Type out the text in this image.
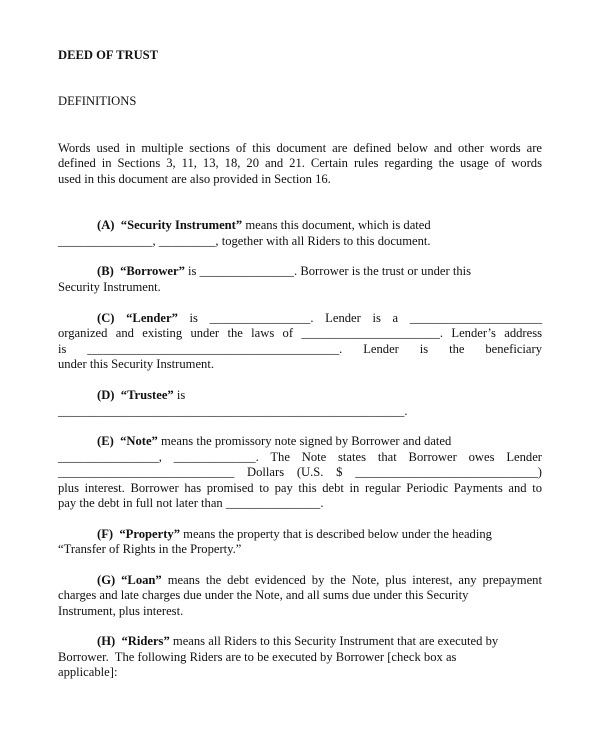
DEED OF TRUST
DEFINITIONS
Words used in multiple sections of this document are defined below and other words are
defined in Sections 3, 11, 13, 18, 20 and 21. Certain rules regarding the usage of words
used in this document are also provided in Section 16.
(A)  “Security Instrument” means this document, which is dated
_______________, _________, together with all Riders to this document.
(B)  “Borrower” is _______________. Borrower is the trust or under this
Security Instrument.
(C) “Lender” is ________________. Lender is a _____________________
organized and existing under the laws of ______________________. Lender’s address
is ________________________________________. Lender is the beneficiary
under this Security Instrument.
(D)  “Trustee” is
_______________________________________________________.
(E)  “Note” means the promissory note signed by Borrower and dated
________________, _____________. The Note states that Borrower owes Lender
____________________________ Dollars (U.S. $ _____________________________)
plus interest. Borrower has promised to pay this debt in regular Periodic Payments and to
pay the debt in full not later than _______________.
(F)  “Property” means the property that is described below under the heading
“Transfer of Rights in the Property.”
(G) “Loan” means the debt evidenced by the Note, plus interest, any prepayment
charges and late charges due under the Note, and all sums due under this Security
Instrument, plus interest.
(H)  “Riders” means all Riders to this Security Instrument that are executed by
Borrower.  The following Riders are to be executed by Borrower [check box as
applicable]:
